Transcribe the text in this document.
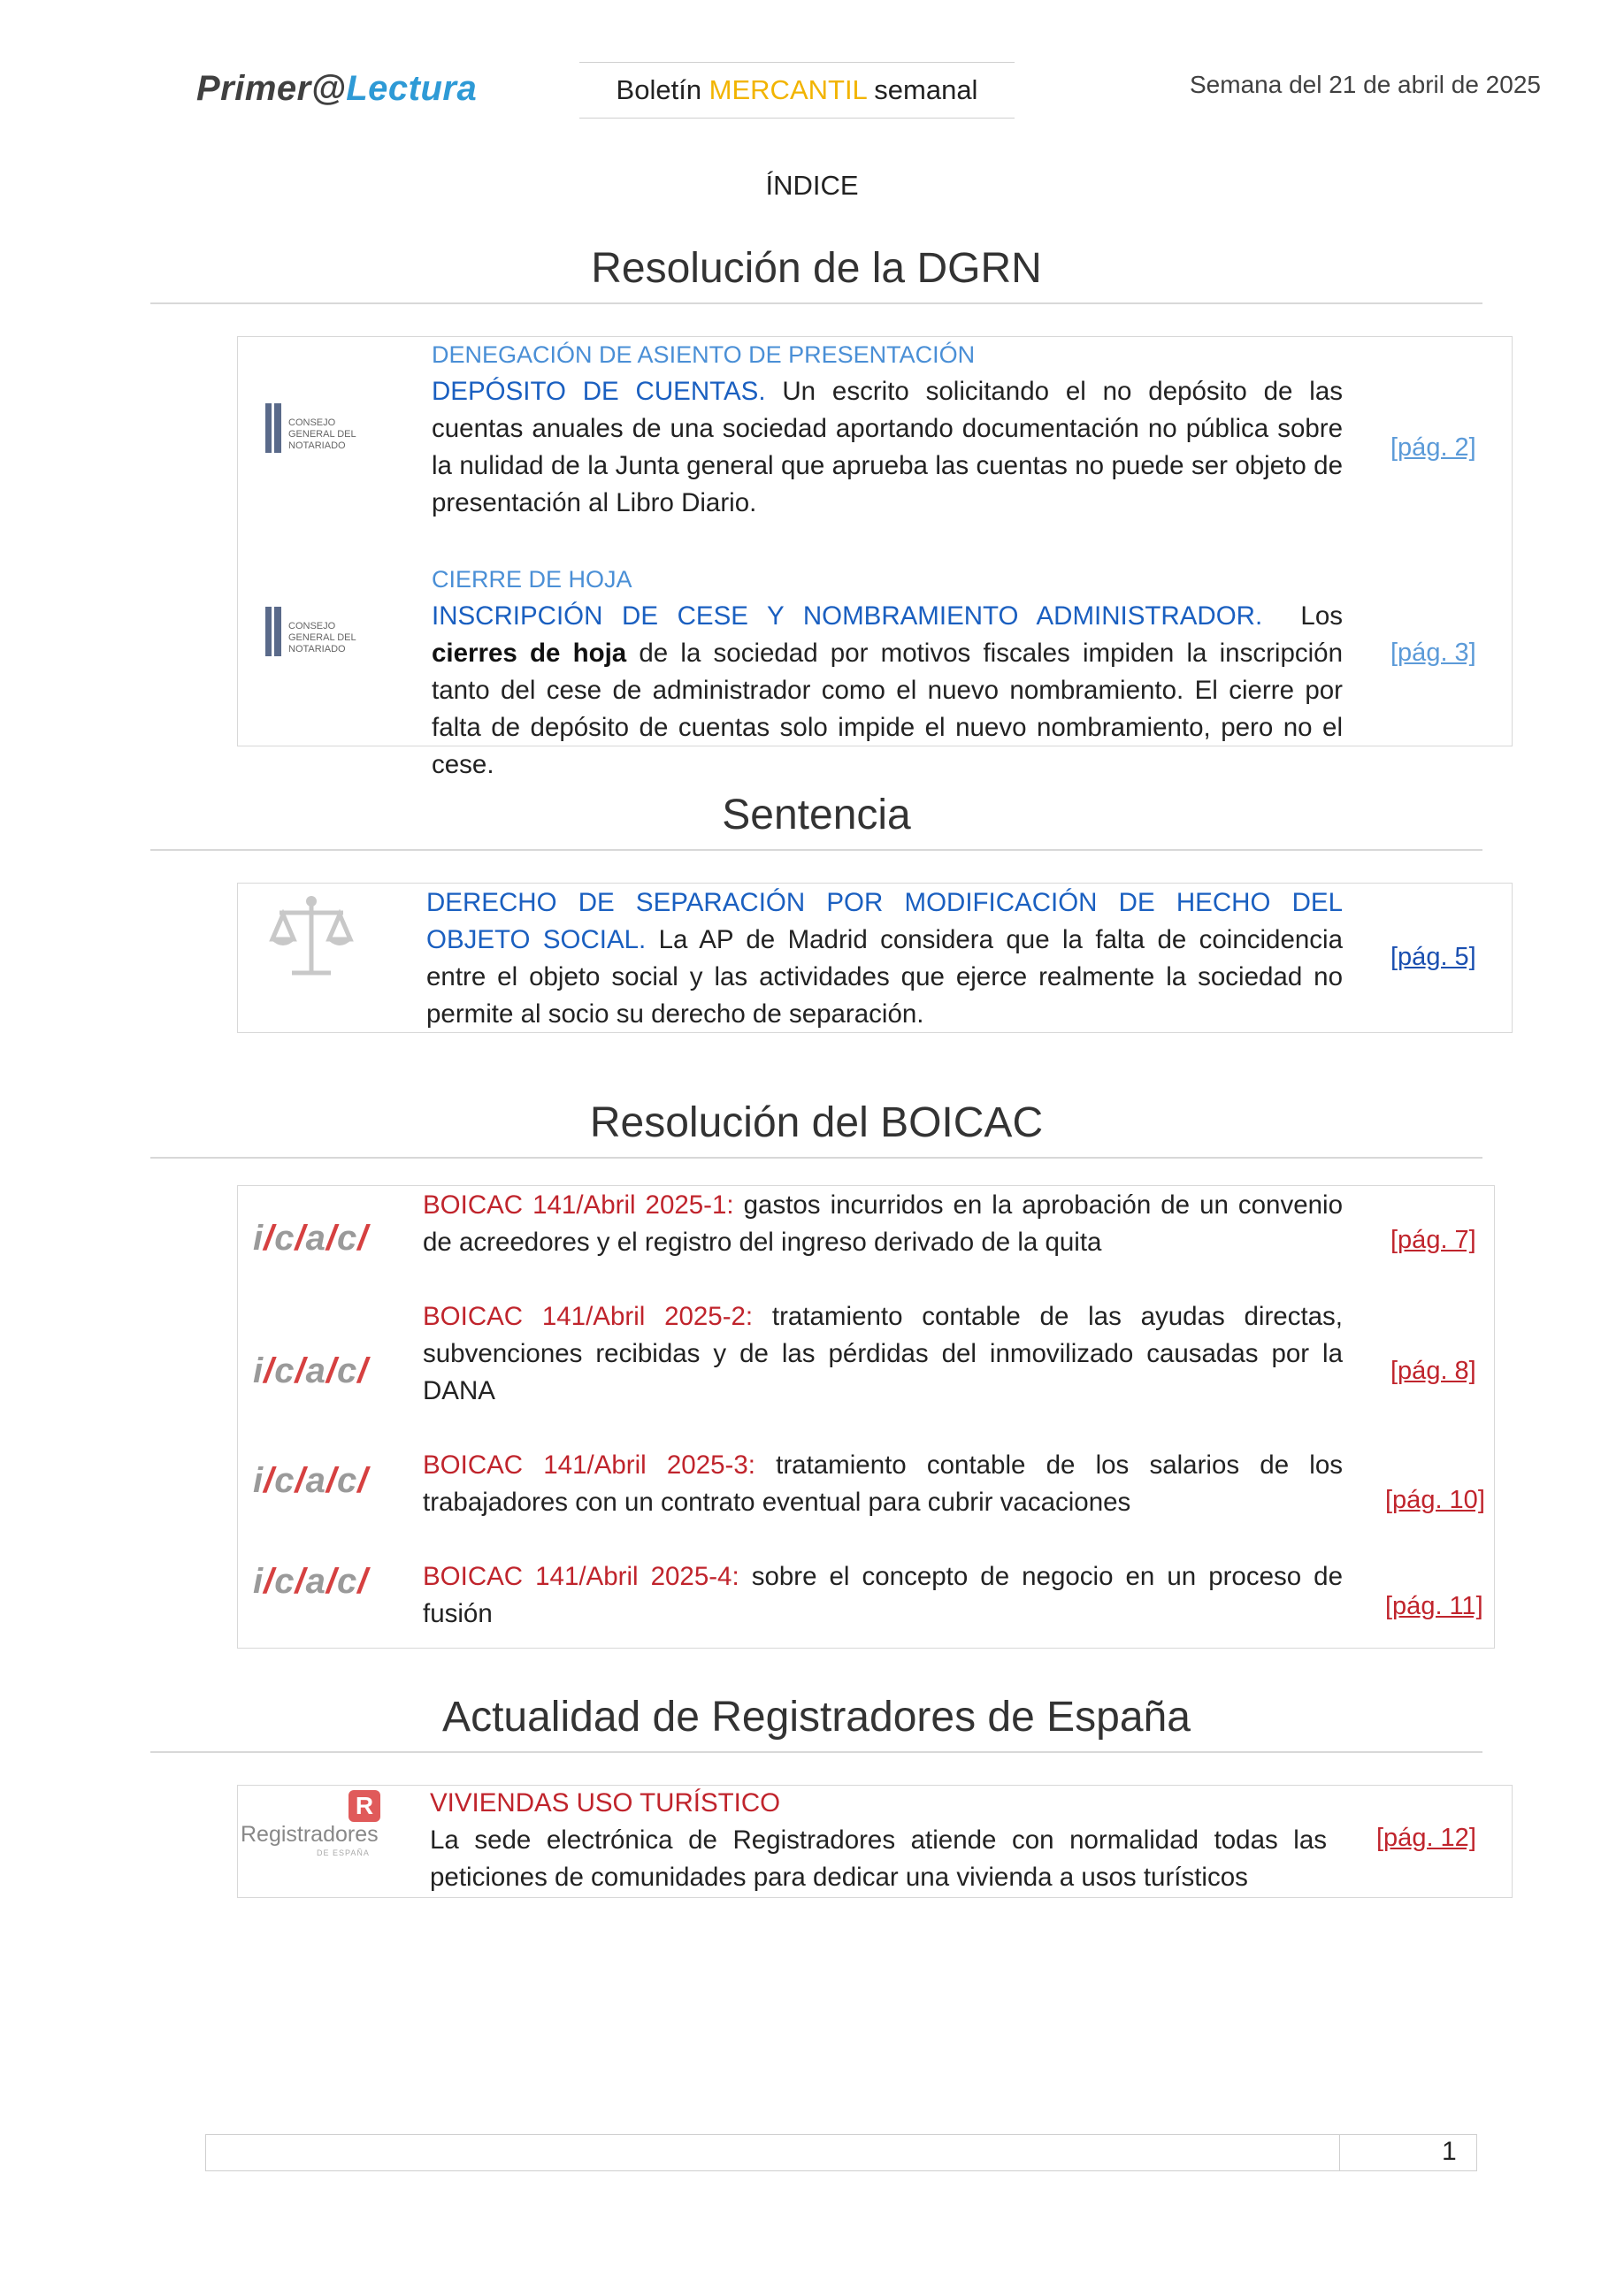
Primer@Lectura	Boletín MERCANTIL semanal	Semana del 21 de abril de 2025
ÍNDICE
Resolución de la DGRN
CONSEJO GENERAL DEL NOTARIADO
CONSEJO GENERAL DEL NOTARIADO
DENEGACIÓN DE ASIENTO DE PRESENTACIÓN
DEPÓSITO DE CUENTAS. Un escrito solicitando el no depósito de las cuentas anuales de una sociedad aportando documentación no pública sobre la nulidad de la Junta general que aprueba las cuentas no puede ser objeto de presentación al Libro Diario.
[pág. 2]
CIERRE DE HOJA
INSCRIPCIÓN DE CESE Y NOMBRAMIENTO ADMINISTRADOR. Los cierres de hoja de la sociedad por motivos fiscales impiden la inscripción tanto del cese de administrador como el nuevo nombramiento. El cierre por falta de depósito de cuentas solo impide el nuevo nombramiento, pero no el cese.
[pág. 3]
Sentencia
DERECHO DE SEPARACIÓN POR MODIFICACIÓN DE HECHO DEL OBJETO SOCIAL. La AP de Madrid considera que la falta de coincidencia entre el objeto social y las actividades que ejerce realmente la sociedad no permite al socio su derecho de separación.
[pág. 5]
Resolución del BOICAC
i/c/a/c/
i/c/a/c/
i/c/a/c/
i/c/a/c/
BOICAC 141/Abril 2025-1: gastos incurridos en la aprobación de un convenio de acreedores y el registro del ingreso derivado de la quita	[pág. 7]
BOICAC 141/Abril 2025-2: tratamiento contable de las ayudas directas, subvenciones recibidas y de las pérdidas del inmovilizado causadas por la DANA
[pág. 8]
BOICAC 141/Abril 2025-3: tratamiento contable de los salarios de los trabajadores con un contrato eventual para cubrir vacaciones	[pág. 10]
BOICAC 141/Abril 2025-4: sobre el concepto de negocio en un proceso de fusión	[pág. 11]
Actualidad de Registradores de España
R
Registradores
DE ESPAÑA
VIVIENDAS USO TURÍSTICO
La sede electrónica de Registradores atiende con normalidad todas las peticiones de comunidades para dedicar una vivienda a usos turísticos
[pág. 12]
1
